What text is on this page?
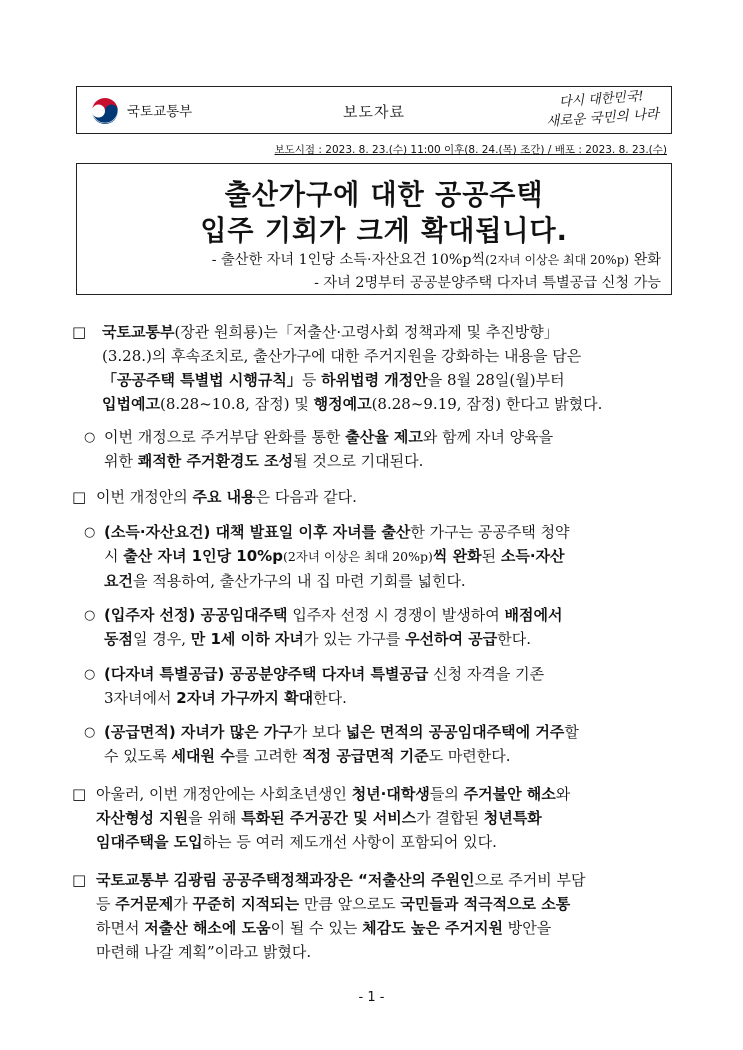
국토교통부	보도자료
다시 대한민국!
새로운 국민의 나라
보도시점 : 2023. 8. 23.(수) 11:00 이후(8. 24.(목) 조간) / 배포 : 2023. 8. 23.(수)
출산가구에 대한 공공주택
입주 기회가 크게 확대됩니다.
- 출산한 자녀 1인당 소득·자산요건 10%p씩(2자녀 이상은 최대 20%p) 완화
- 자녀 2명부터 공공분양주택 다자녀 특별공급 신청 가능
□ 국토교통부(장관 원희룡)는「저출산·고령사회 정책과제 및 추진방향」
(3.28.)의 후속조치로, 출산가구에 대한 주거지원을 강화하는 내용을 담은
「공공주택 특별법 시행규칙」등 하위법령 개정안을 8월 28일(월)부터
입법예고(8.28~10.8, 잠정) 및 행정예고(8.28~9.19, 잠정) 한다고 밝혔다.
○ 이번 개정으로 주거부담 완화를 통한 출산율 제고와 함께 자녀 양육을
위한 쾌적한 주거환경도 조성될 것으로 기대된다.
□ 이번 개정안의 주요 내용은 다음과 같다.
○ (소득·자산요건) 대책 발표일 이후 자녀를 출산한 가구는 공공주택 청약
시 출산 자녀 1인당 10%p(2자녀 이상은 최대 20%p)씩 완화된 소득·자산
요건을 적용하여, 출산가구의 내 집 마련 기회를 넓힌다.
○ (입주자 선정) 공공임대주택 입주자 선정 시 경쟁이 발생하여 배점에서
동점일 경우, 만 1세 이하 자녀가 있는 가구를 우선하여 공급한다.
○ (다자녀 특별공급) 공공분양주택 다자녀 특별공급 신청 자격을 기존
3자녀에서 2자녀 가구까지 확대한다.
○ (공급면적) 자녀가 많은 가구가 보다 넓은 면적의 공공임대주택에 거주할
수 있도록 세대원 수를 고려한 적정 공급면적 기준도 마련한다.
□ 아울러, 이번 개정안에는 사회초년생인 청년·대학생들의 주거불안 해소와
자산형성 지원을 위해 특화된 주거공간 및 서비스가 결합된 청년특화
임대주택을 도입하는 등 여러 제도개선 사항이 포함되어 있다.
□ 국토교통부 김광림 공공주택정책과장은 “저출산의 주원인으로 주거비 부담
등 주거문제가 꾸준히 지적되는 만큼 앞으로도 국민들과 적극적으로 소통
하면서 저출산 해소에 도움이 될 수 있는 체감도 높은 주거지원 방안을
마련해 나갈 계획”이라고 밝혔다.
- 1 -
